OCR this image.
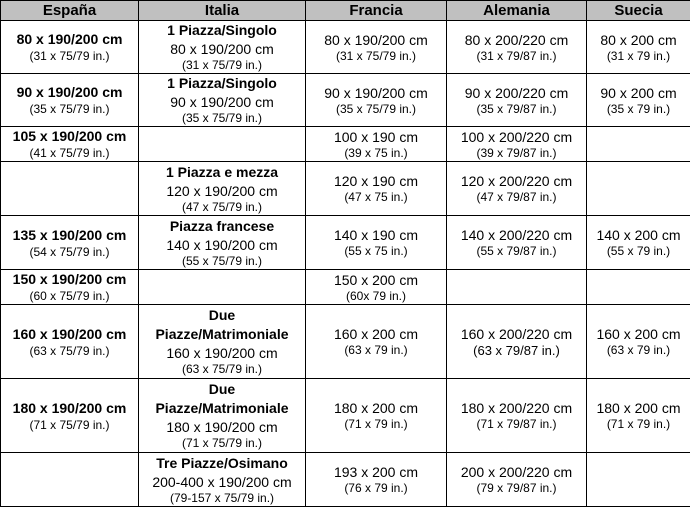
España	Italia	Francia	Alemania	Suecia

80 x 190/200 cm
(31 x 75/79 in.)	1 Piazza/Singolo
80 x 190/200 cm
(31 x 75/79 in.)	80 x 190/200 cm
(31 x 75/79 in.)	80 x 200/220 cm
(31 x 79/87 in.)	80 x 200 cm
(31 x 79 in.)

90 x 190/200 cm
(35 x 75/79 in.)	1 Piazza/Singolo
90 x 190/200 cm
(35 x 75/79 in.)	90 x 190/200 cm
(35 x 75/79 in.)	90 x 200/220 cm
(35 x 79/87 in.)	90 x 200 cm
(35 x 79 in.)

105 x 190/200 cm
(41 x 75/79 in.)		100 x 190 cm
(39 x 75 in.)	100 x 200/220 cm
(39 x 79/87 in.)	

	1 Piazza e mezza
120 x 190/200 cm
(47 x 75/79 in.)	120 x 190 cm
(47 x 75 in.)	120 x 200/220 cm
(47 x 79/87 in.)	

135 x 190/200 cm
(54 x 75/79 in.)	Piazza francese
140 x 190/200 cm
(55 x 75/79 in.)	140 x 190 cm
(55 x 75 in.)	140 x 200/220 cm
(55 x 79/87 in.)	140 x 200 cm
(55 x 79 in.)

150 x 190/200 cm
(60 x 75/79 in.)		150 x 200 cm
(60x 79 in.)		

160 x 190/200 cm
(63 x 75/79 in.)	Due
Piazze/Matrimoniale
160 x 190/200 cm
(63 x 75/79 in.)	160 x 200 cm
(63 x 79 in.)	160 x 200/220 cm
(63 x 79/87 in.)	160 x 200 cm
(63 x 79 in.)

180 x 190/200 cm
(71 x 75/79 in.)	Due
Piazze/Matrimoniale
180 x 190/200 cm
(71 x 75/79 in.)	180 x 200 cm
(71 x 79 in.)	180 x 200/220 cm
(71 x 79/87 in.)	180 x 200 cm
(71 x 79 in.)

	Tre Piazze/Osimano
200-400 x 190/200 cm
(79-157 x 75/79 in.)	193 x 200 cm
(76 x 79 in.)	200 x 200/220 cm
(79 x 79/87 in.)	
